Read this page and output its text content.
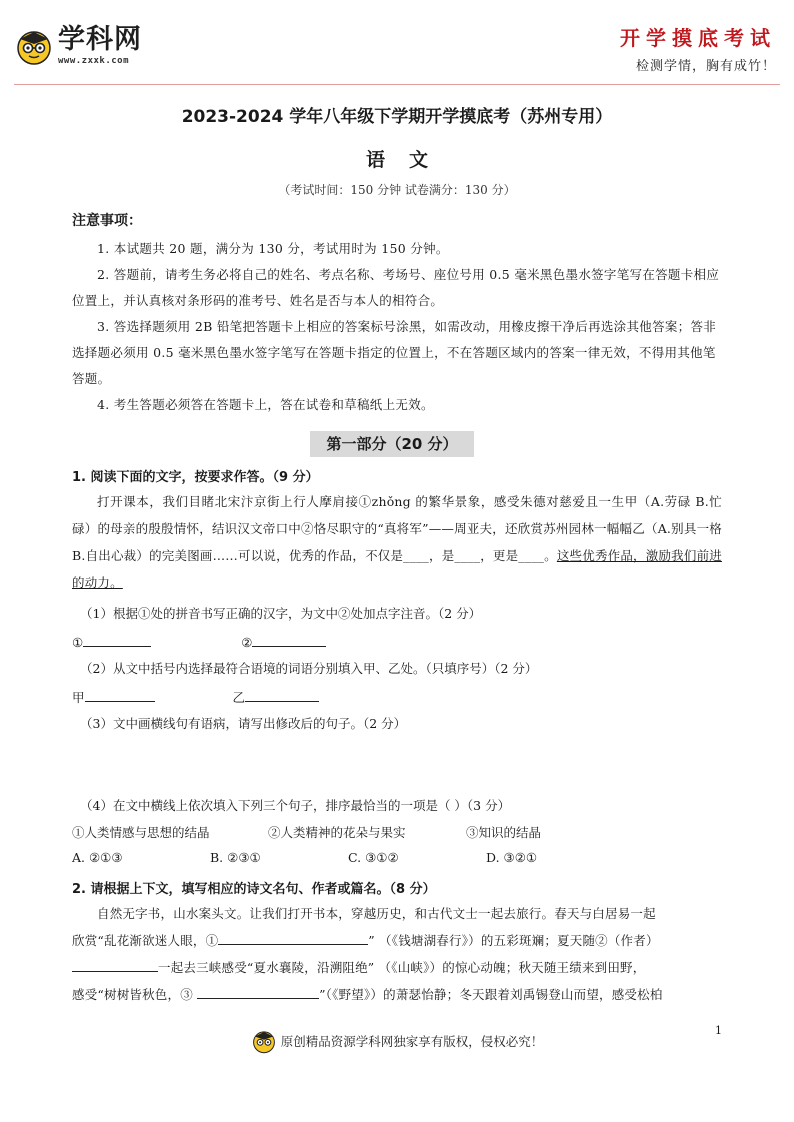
学科网
www.zxxk.com
开学摸底考试
检测学情，胸有成竹！
2023-2024 学年八年级下学期开学摸底考（苏州专用）
语文
（考试时间：150 分钟 试卷满分：130 分）
注意事项：

1. 本试题共 20 题，满分为 130 分，考试用时为 150 分钟。

2. 答题前，请考生务必将自己的姓名、考点名称、考场号、座位号用 0.5 毫米黑色墨水签字笔写在答题卡相应位置上，并认真核对条形码的准考号、姓名是否与本人的相符合。

3. 答选择题须用 2B 铅笔把答题卡上相应的答案标号涂黑，如需改动，用橡皮擦干净后再选涂其他答案；答非选择题必须用 0.5 毫米黑色墨水签字笔写在答题卡指定的位置上，不在答题区域内的答案一律无效，不得用其他笔答题。

4. 考生答题必须答在答题卡上，答在试卷和草稿纸上无效。

第一部分（20 分）
1. 阅读下面的文字，按要求作答。（9 分）

打开课本，我们目睹北宋汴京街上行人摩肩接①zhǒng 的繁华景象，感受朱德对慈爱且一生甲（A.劳碌 B.忙碌）的母亲的殷殷情怀，结识汉文帝口中②恪尽职守的“真将军”——周亚夫，还欣赏苏州园林一幅幅乙（A.别具一格 B.自出心裁）的完美图画……可以说，优秀的作品，不仅是____，是____，更是____。这些优秀作品，激励我们前进的动力。

（1）根据①处的拼音书写正确的汉字，为文中②处加点字注音。（2 分）
①	②
（2）从文中括号内选择最符合语境的词语分别填入甲、乙处。（只填序号）（2 分）
甲	乙
（3）文中画横线句有语病，请写出修改后的句子。（2 分）
（4）在文中横线上依次填入下列三个句子，排序最恰当的一项是（ ）（3 分）
①人类情感与思想的结晶	②人类精神的花朵与果实	③知识的结晶
A. ②①③	B. ②③①	C. ③①②	D. ③②①
2. 请根据上下文，填写相应的诗文名句、作者或篇名。（8 分）

自然无字书，山水案头文。让我们打开书本，穿越历史，和古代文士一起去旅行。春天与白居易一起

欣赏“乱花渐欲迷人眼，①	” （《钱塘湖春行》）的五彩斑斓；夏天随②（作者）
一起去三峡感受“夏水襄陵，沿溯阻绝” （《山峡》）的惊心动魄；秋天随王绩来到田野，
感受“树树皆秋色，③	”（《野望》）的萧瑟怡静；冬天跟着刘禹锡登山而望，感受松柏
原创精品资源学科网独家享有版权，侵权必究！
1
